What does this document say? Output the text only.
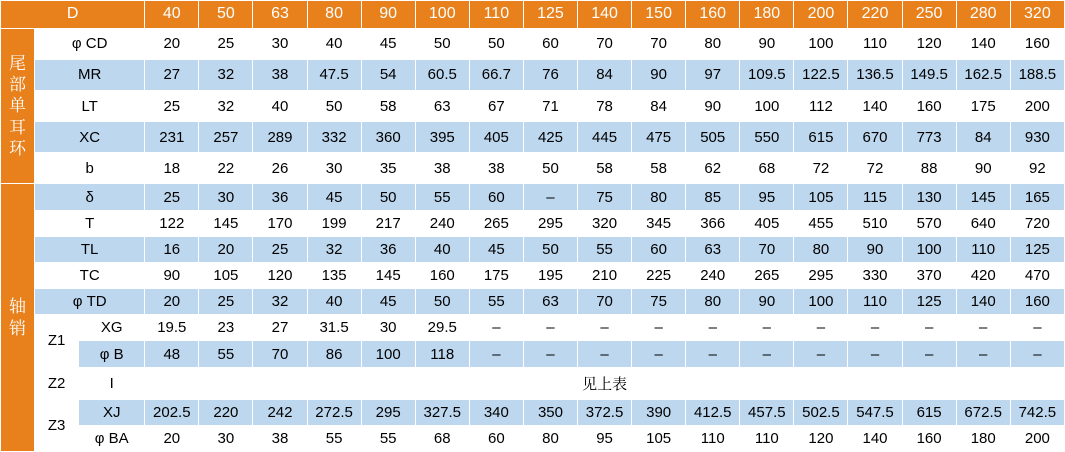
D			40	50	63	80	90	100	110	125	140	150	160	180	200	220	250	280	320
尾部单耳环	φ CD		20	25	30	40	45	50	50	60	70	70	80	90	100	110	120	140	160
	MR		27	32	38	47.5	54	60.5	66.7	76	84	90	97	109.5	122.5	136.5	149.5	162.5	188.5
	LT		25	32	40	50	58	63	67	71	78	84	90	100	112	140	160	175	200
	XC		231	257	289	332	360	395	405	425	445	475	505	550	615	670	773	84	930
	b		18	22	26	30	35	38	38	50	58	58	62	68	72	72	88	90	92
轴销	δ		25	30	36	45	50	55	60	–	75	80	85	95	105	115	130	145	165
	T		122	145	170	199	217	240	265	295	320	345	366	405	455	510	570	640	720
	TL		16	20	25	32	36	40	45	50	55	60	63	70	80	90	100	110	125
	TC		90	105	120	135	145	160	175	195	210	225	240	265	295	330	370	420	470
	φ TD		20	25	32	40	45	50	55	63	70	75	80	90	100	110	125	140	160
	Z1	XG	19.5	23	27	31.5	30	29.5	–	–	–	–	–	–	–	–	–	–	–
		φ B	48	55	70	86	100	118	–	–	–	–	–	–	–	–	–	–	–
	Z2	I	见上表																
	Z3	XJ	202.5	220	242	272.5	295	327.5	340	350	372.5	390	412.5	457.5	502.5	547.5	615	672.5	742.5
		φ BA	20	30	38	55	55	68	60	80	95	105	110	110	120	140	160	180	200
